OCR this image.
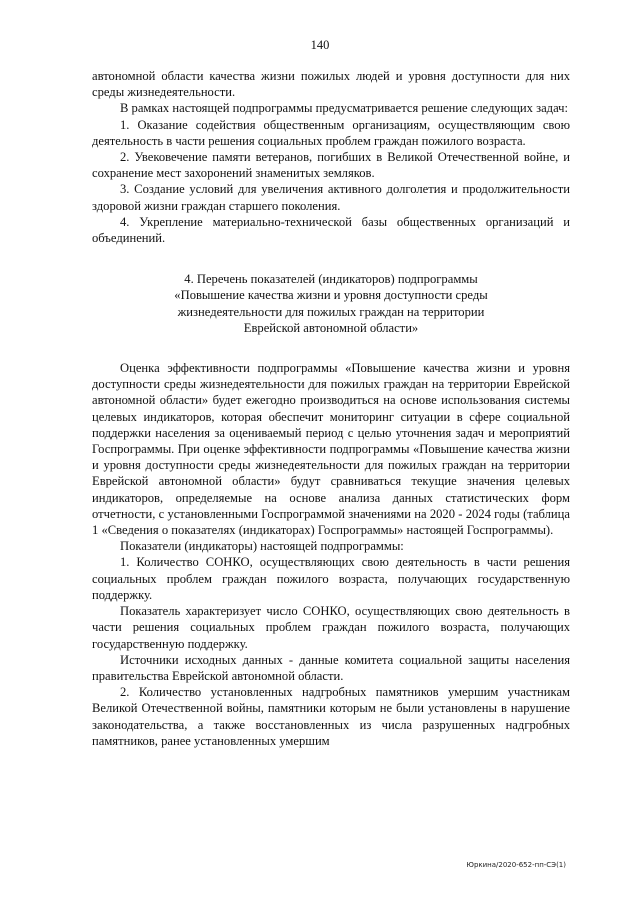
140

автономной области качества жизни пожилых людей и уровня доступности для них среды жизнедеятельности.

В рамках настоящей подпрограммы предусматривается решение следующих задач:

1. Оказание содействия общественным организациям, осуществляющим свою деятельность в части решения социальных проблем граждан пожилого возраста.

2. Увековечение памяти ветеранов, погибших в Великой Отечественной войне, и сохранение мест захоронений знаменитых земляков.

3. Создание условий для увеличения активного долголетия и продолжительности здоровой жизни граждан старшего поколения.

4. Укрепление материально-технической базы общественных организаций и объединений.

4. Перечень показателей (индикаторов) подпрограммы
«Повышение качества жизни и уровня доступности среды
жизнедеятельности для пожилых граждан на территории
Еврейской автономной области»

Оценка эффективности подпрограммы «Повышение качества жизни и уровня доступности среды жизнедеятельности для пожилых граждан на территории Еврейской автономной области» будет ежегодно производиться на основе использования системы целевых индикаторов, которая обеспечит мониторинг ситуации в сфере социальной поддержки населения за оцениваемый период с целью уточнения задач и мероприятий Госпрограммы. При оценке эффективности подпрограммы «Повышение качества жизни и уровня доступности среды жизнедеятельности для пожилых граждан на территории Еврейской автономной области» будут сравниваться текущие значения целевых индикаторов, определяемые на основе анализа данных статистических форм отчетности, с установленными Госпрограммой значениями на 2020 - 2024 годы (таблица 1 «Сведения о показателях (индикаторах) Госпрограммы» настоящей Госпрограммы).

Показатели (индикаторы) настоящей подпрограммы:

1. Количество СОНКО, осуществляющих свою деятельность в части решения социальных проблем граждан пожилого возраста, получающих государственную поддержку.

Показатель характеризует число СОНКО, осуществляющих свою деятельность в части решения социальных проблем граждан пожилого возраста, получающих государственную поддержку.

Источники исходных данных - данные комитета социальной защиты населения правительства Еврейской автономной области.

2. Количество установленных надгробных памятников умершим участникам Великой Отечественной войны, памятники которым не были установлены в нарушение законодательства, а также восстановленных из числа разрушенных надгробных памятников, ранее установленных умершим

Юркина/2020-652-пп-СЭ(1)
